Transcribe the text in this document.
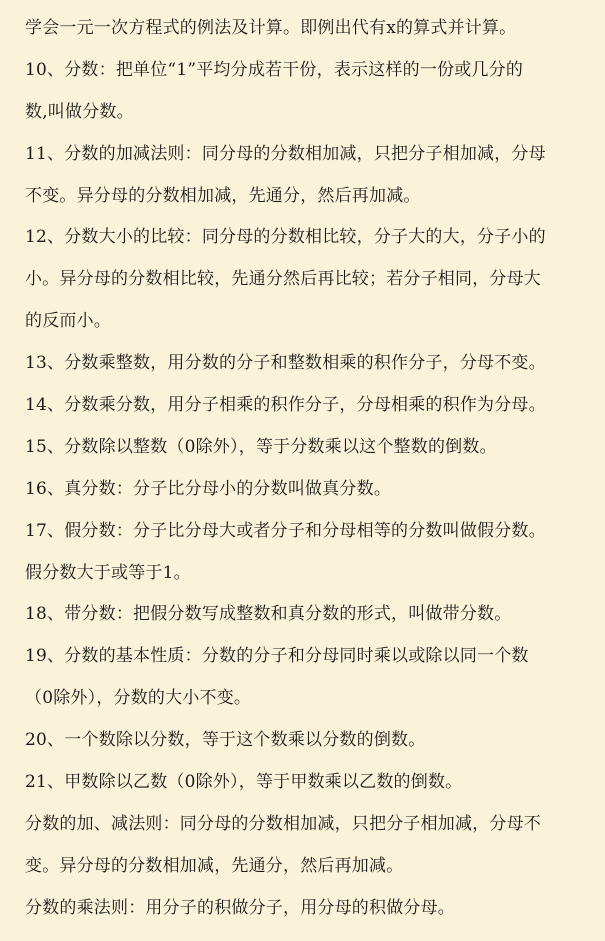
学会一元一次方程式的例法及计算。即例出代有x的算式并计算。
10、分数：把单位“1”平均分成若干份，表示这样的一份或几分的
数,叫做分数。
11、分数的加减法则：同分母的分数相加减，只把分子相加减，分母
不变。异分母的分数相加减，先通分，然后再加减。
12、分数大小的比较：同分母的分数相比较，分子大的大，分子小的
小。异分母的分数相比较，先通分然后再比较；若分子相同，分母大
的反而小。
13、分数乘整数，用分数的分子和整数相乘的积作分子，分母不变。
14、分数乘分数，用分子相乘的积作分子，分母相乘的积作为分母。
15、分数除以整数（0除外），等于分数乘以这个整数的倒数。
16、真分数：分子比分母小的分数叫做真分数。
17、假分数：分子比分母大或者分子和分母相等的分数叫做假分数。
假分数大于或等于1。
18、带分数：把假分数写成整数和真分数的形式，叫做带分数。
19、分数的基本性质：分数的分子和分母同时乘以或除以同一个数
（0除外），分数的大小不变。
20、一个数除以分数，等于这个数乘以分数的倒数。
21、甲数除以乙数（0除外），等于甲数乘以乙数的倒数。
分数的加、减法则：同分母的分数相加减，只把分子相加减，分母不
变。异分母的分数相加减，先通分，然后再加减。
分数的乘法则：用分子的积做分子，用分母的积做分母。
